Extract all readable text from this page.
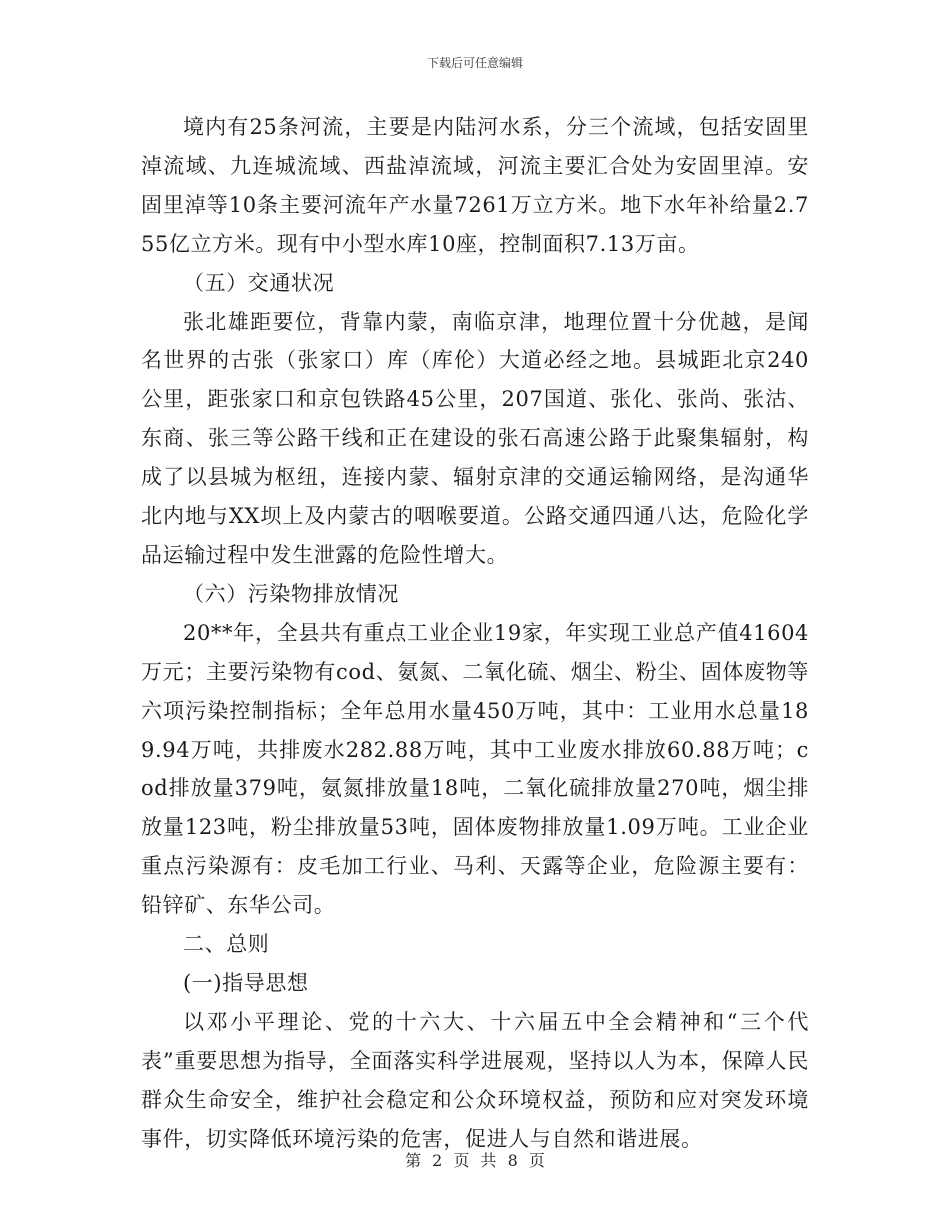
下载后可任意编辑

境内有25条河流，主要是内陆河水系，分三个流域，包括安固里淖流域、九连城流域、西盐淖流域，河流主要汇合处为安固里淖。安固里淖等10条主要河流年产水量7261万立方米。地下水年补给量2.755亿立方米。现有中小型水库10座，控制面积7.13万亩。

（五）交通状况

张北雄距要位，背靠内蒙，南临京津，地理位置十分优越，是闻名世界的古张（张家口）库（库伦）大道必经之地。县城距北京240公里，距张家口和京包铁路45公里，207国道、张化、张尚、张沽、东商、张三等公路干线和正在建设的张石高速公路于此聚集辐射，构成了以县城为枢纽，连接内蒙、辐射京津的交通运输网络，是沟通华北内地与XX坝上及内蒙古的咽喉要道。公路交通四通八达，危险化学品运输过程中发生泄露的危险性增大。

（六）污染物排放情况

20**年，全县共有重点工业企业19家，年实现工业总产值41604万元；主要污染物有cod、氨氮、二氧化硫、烟尘、粉尘、固体废物等六项污染控制指标；全年总用水量450万吨，其中：工业用水总量189.94万吨，共排废水282.88万吨，其中工业废水排放60.88万吨；cod排放量379吨，氨氮排放量18吨，二氧化硫排放量270吨，烟尘排放量123吨，粉尘排放量53吨，固体废物排放量1.09万吨。工业企业重点污染源有：皮毛加工行业、马利、天露等企业，危险源主要有：铅锌矿、东华公司。

二、总则

(一)指导思想

以邓小平理论、党的十六大、十六届五中全会精神和“三个代表”重要思想为指导，全面落实科学进展观，坚持以人为本，保障人民群众生命安全，维护社会稳定和公众环境权益，预防和应对突发环境事件，切实降低环境污染的危害，促进人与自然和谐进展。

第 2 页 共 8 页
